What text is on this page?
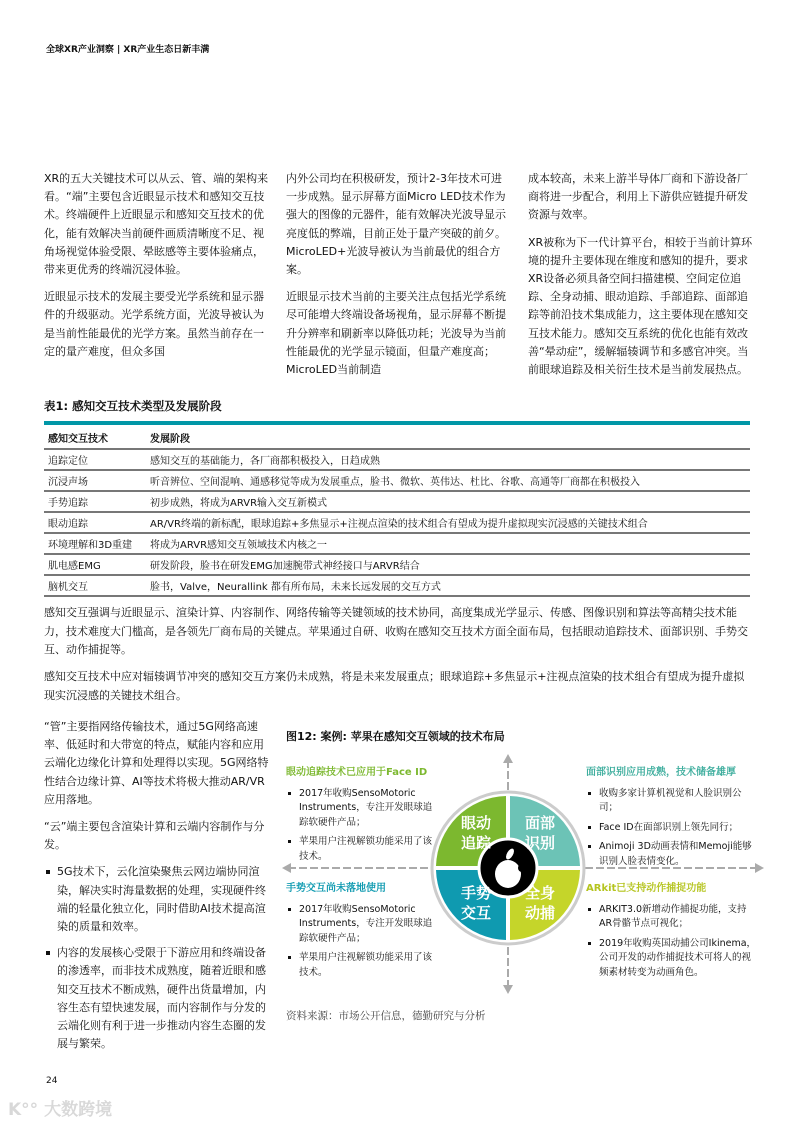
全球XR产业洞察 | XR产业生态日新丰满

XR的五大关键技术可以从云、管、端的架构来看。“端”主要包含近眼显示技术和感知交互技术。终端硬件上近眼显示和感知交互技术的优化，能有效解决当前硬件画质清晰度不足、视角场视觉体验受限、晕眩感等主要体验痛点，带来更优秀的终端沉浸体验。

近眼显示技术的发展主要受光学系统和显示器件的升级驱动。光学系统方面，光波导被认为是当前性能最优的光学方案。虽然当前存在一定的量产难度，但众多国

内外公司均在积极研发，预计2-3年技术可进一步成熟。显示屏幕方面Micro LED技术作为强大的图像的元器件，能有效解决光波导显示亮度低的弊端，目前正处于量产突破的前夕。MicroLED+光波导被认为当前最优的组合方案。

近眼显示技术当前的主要关注点包括光学系统尽可能增大终端设备场视角，显示屏幕不断提升分辨率和刷新率以降低功耗；光波导为当前性能最优的光学显示镜面，但量产难度高；MicroLED当前制造

成本较高，未来上游半导体厂商和下游设备厂商将进一步配合，利用上下游供应链提升研发资源与效率。

XR被称为下一代计算平台，相较于当前计算环境的提升主要体现在维度和感知的提升，要求XR设备必须具备空间扫描建模、空间定位追踪、全身动捕、眼动追踪、手部追踪、面部追踪等前沿技术集成能力，这主要体现在感知交互技术能力。感知交互系统的优化也能有效改善“晕动症”，缓解辐辏调节和多感官冲突。当前眼球追踪及相关衍生技术是当前发展热点。

表1: 感知交互技术类型及发展阶段
感知交互技术	发展阶段
追踪定位	感知交互的基础能力，各厂商都积极投入，日趋成熟
沉浸声场	听音辨位、空间混响、通感移觉等成为发展重点，脸书、微软、英伟达、杜比、谷歌、高通等厂商都在积极投入
手势追踪	初步成熟，将成为ARVR输入交互新模式
眼动追踪	AR/VR终端的新标配，眼球追踪+多焦显示+注视点渲染的技术组合有望成为提升虚拟现实沉浸感的关键技术组合
环境理解和3D重建	将成为ARVR感知交互领域技术内核之一
肌电感EMG	研发阶段，脸书在研发EMG加速腕带式神经接口与ARVR结合
脑机交互	脸书，Valve，Neurallink 都有所布局，未来长远发展的交互方式
感知交互强调与近眼显示、渲染计算、内容制作、网络传输等关键领域的技术协同，高度集成光学显示、传感、图像识别和算法等高精尖技术能力，技术难度大门槛高，是各领先厂商布局的关键点。苹果通过自研、收购在感知交互技术方面全面布局，包括眼动追踪技术、面部识别、手势交互、动作捕捉等。
感知交互技术中应对辐辏调节冲突的感知交互方案仍未成熟，将是未来发展重点；眼球追踪+多焦显示+注视点渲染的技术组合有望成为提升虚拟现实沉浸感的关键技术组合。

“管”主要指网络传输技术，通过5G网络高速率、低延时和大带宽的特点，赋能内容和应用云端化边缘化计算和处理得以实现。5G网络特性结合边缘计算、AI等技术将极大推动AR/VR应用落地。

“云”端主要包含渲染计算和云端内容制作与分发。

5G技术下，云化渲染聚焦云网边端协同渲染，解决实时海量数据的处理，实现硬件终端的轻量化独立化，同时借助AI技术提高渲染的质量和效率。
内容的发展核心受限于下游应用和终端设备的渗透率，而非技术成熟度，随着近眼和感知交互技术不断成熟，硬件出货量增加，内容生态有望快速发展，而内容制作与分发的云端化则有利于进一步推动内容生态圈的发展与繁荣。
图12: 案例: 苹果在感知交互领域的技术布局
眼动
追踪
面部
识别
手势
交互
全身
动捕
眼动追踪技术已应用于Face ID
2017年收购SensoMotoric Instruments，专注开发眼球追踪软硬件产品；
苹果用户注视解锁功能采用了该技术。
面部识别应用成熟，技术储备雄厚
收购多家计算机视觉和人脸识别公司；
Face ID在面部识别上领先同行；
Animoji 3D动画表情和Memoji能够识别人脸表情变化。
手势交互尚未落地使用
2017年收购SensoMotoric Instruments，专注开发眼球追踪软硬件产品；
苹果用户注视解锁功能采用了该技术。
ARkit已支持动作捕捉功能
ARKIT3.0新增动作捕捉功能，支持AR骨骼节点可视化；
2019年收购英国动捕公司Ikinema，公司开发的动作捕捉技术可将人的视频素材转变为动画角色。
资料来源：市场公开信息，德勤研究与分析
24
K°° 大数跨境
